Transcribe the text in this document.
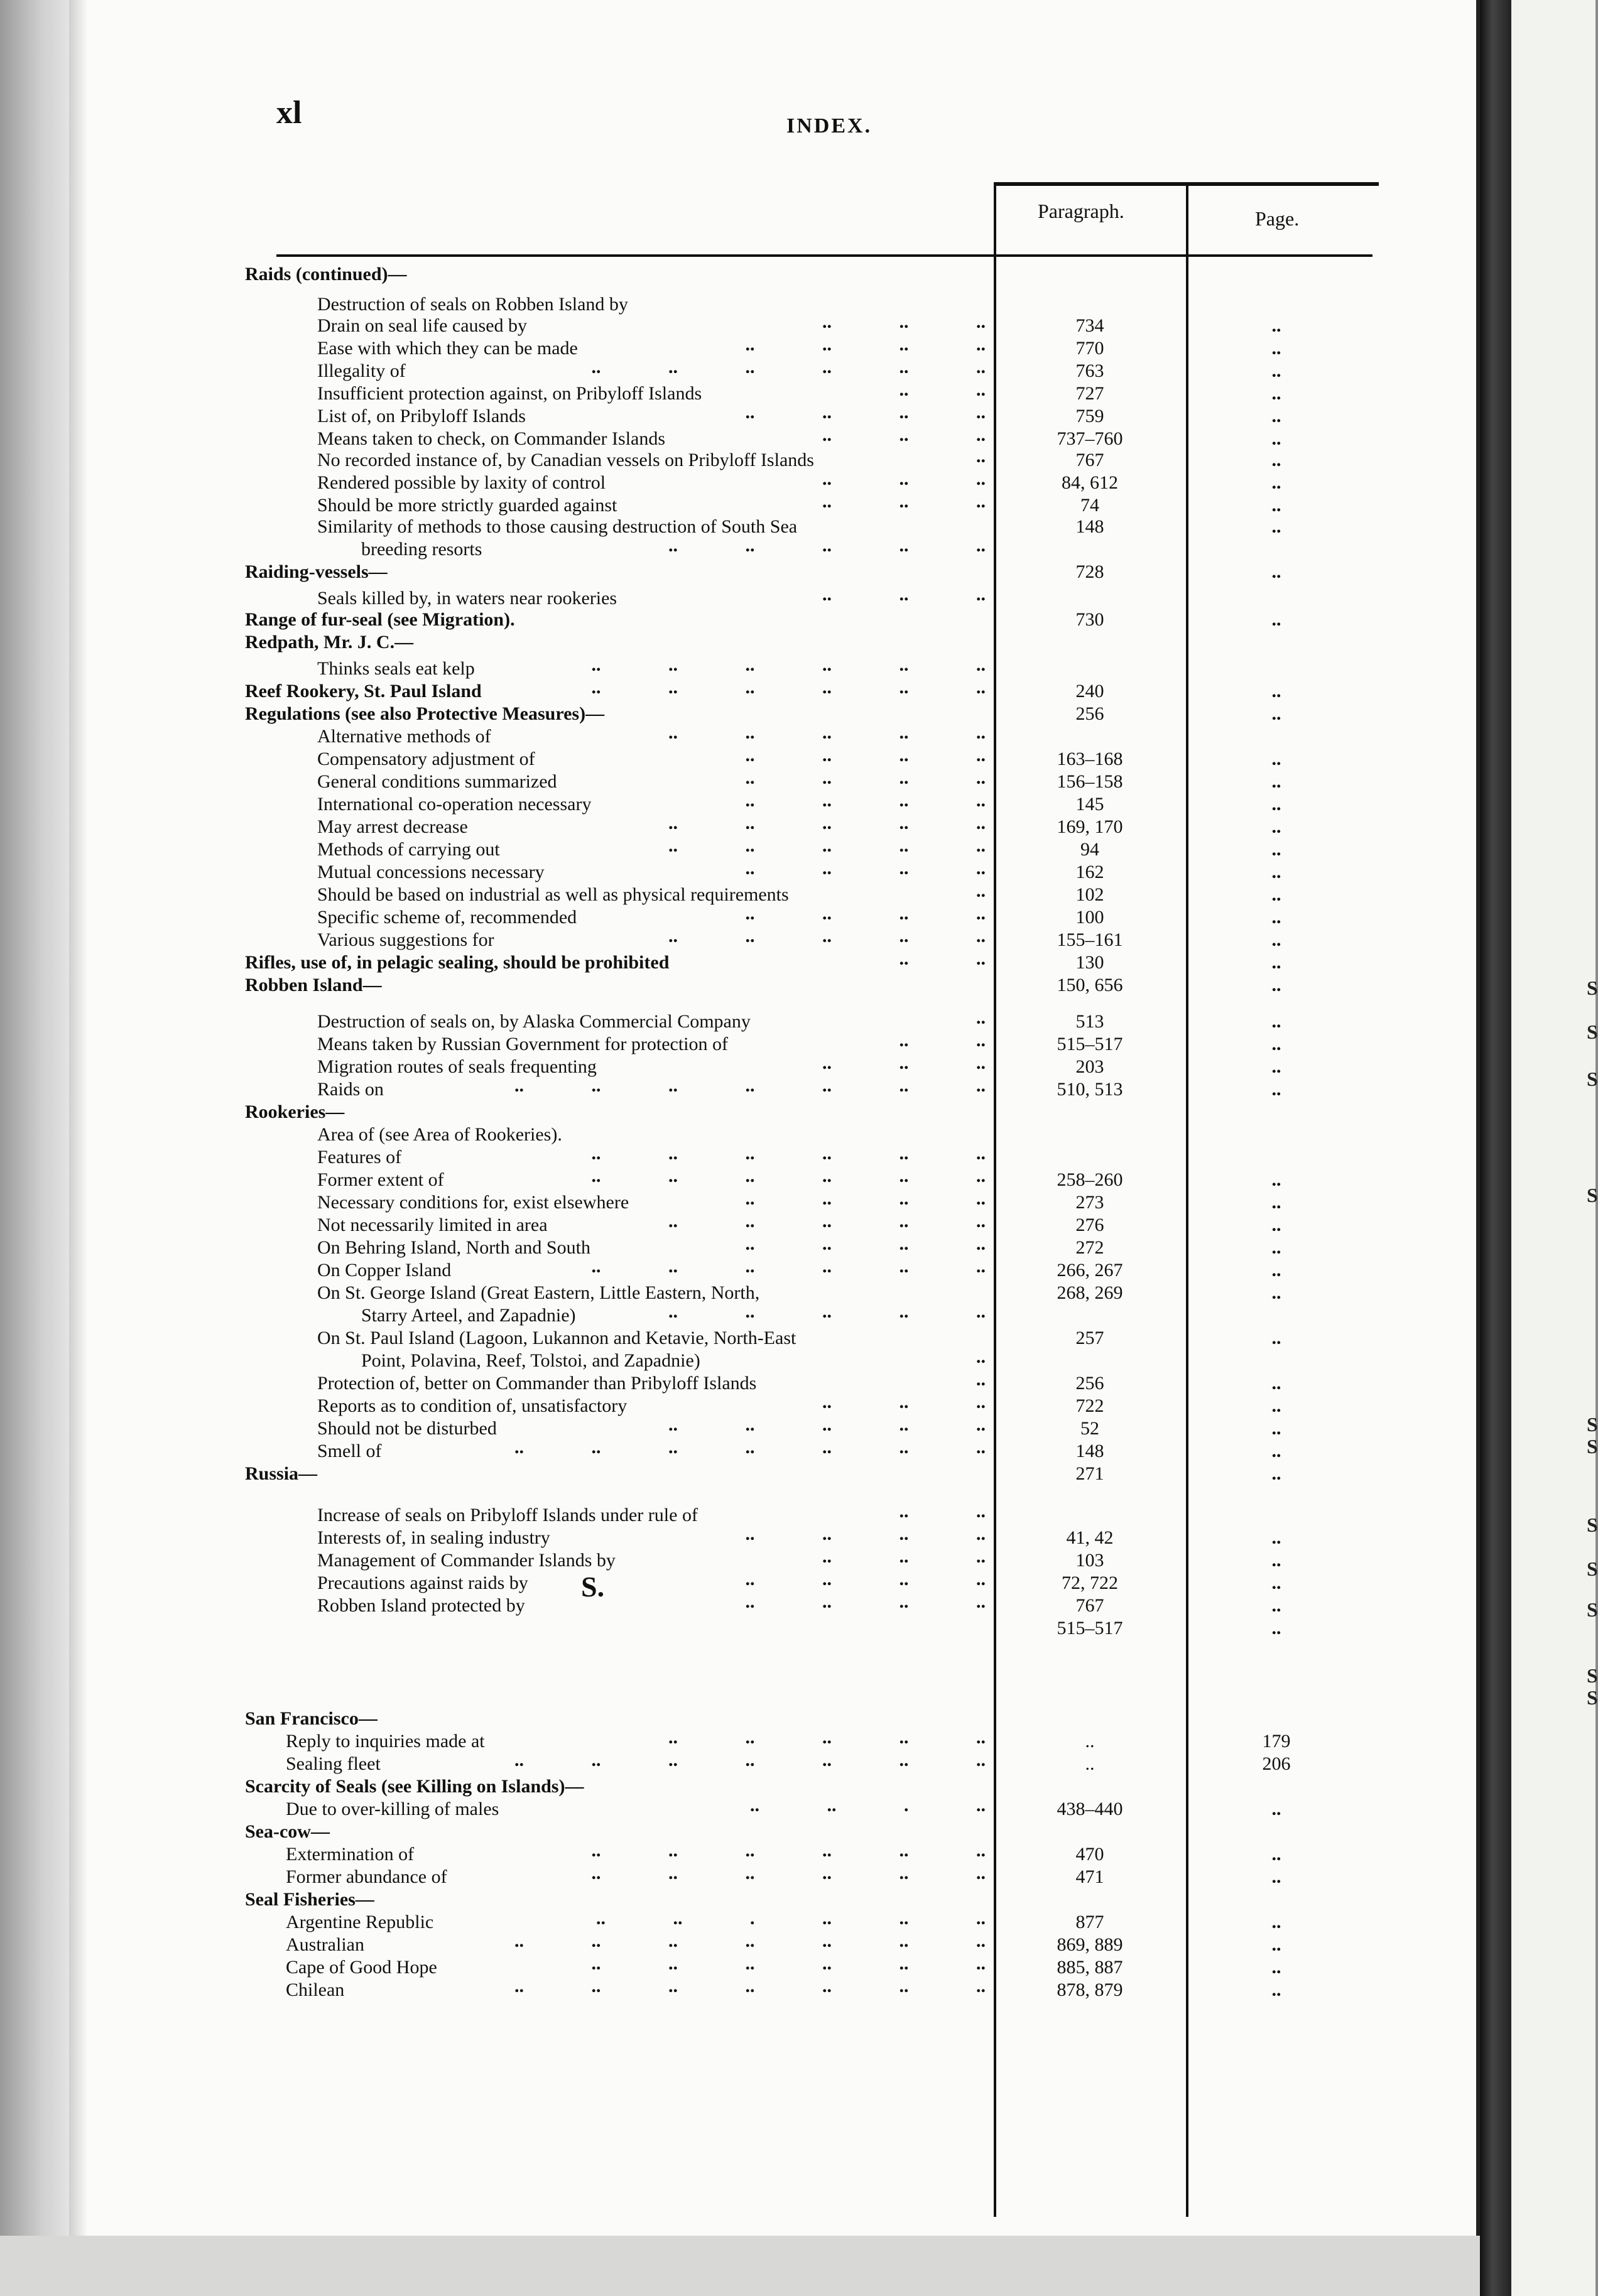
S
S
S
S
S
S
S
S
S
S
S
xl	INDEX.
Paragraph.	Page.
S.
Raids (continued)—
Destruction of seals on Robben Island by
Drain on seal life caused by	.. .. ..	734	..
Ease with which they can be made	.. .. .. ..	770	..
Illegality of	.. .. .. .. .. ..	763	..
Insufficient protection against, on Pribyloff Islands	.. ..	727	..
List of, on Pribyloff Islands	.. .. .. ..	759	..
Means taken to check, on Commander Islands	.. .. ..	737–760	..
No recorded instance of, by Canadian vessels on Pribyloff Islands	..	767	..
Rendered possible by laxity of control	.. .. ..	84, 612	..
Should be more strictly guarded against	.. .. ..	74	..
Similarity of methods to those causing destruction of South Sea	148	..
breeding resorts	.. .. .. .. ..
Raiding-vessels—	728	..
Seals killed by, in waters near rookeries	.. .. ..
Range of fur-seal (see Migration).	730	..
Redpath, Mr. J. C.—
Thinks seals eat kelp	.. .. .. .. .. ..
Reef Rookery, St. Paul Island	.. .. .. .. .. ..	240	..
Regulations (see also Protective Measures)—	256	..
Alternative methods of	.. .. .. .. ..
Compensatory adjustment of	.. .. .. ..	163–168	..
General conditions summarized	.. .. .. ..	156–158	..
International co-operation necessary	.. .. .. ..	145	..
May arrest decrease	.. .. .. .. ..	169, 170	..
Methods of carrying out	.. .. .. .. ..	94	..
Mutual concessions necessary	.. .. .. ..	162	..
Should be based on industrial as well as physical requirements	..	102	..
Specific scheme of, recommended	.. .. .. ..	100	..
Various suggestions for	.. .. .. .. ..	155–161	..
Rifles, use of, in pelagic sealing, should be prohibited	.. ..	130	..
Robben Island—	150, 656	..
Destruction of seals on, by Alaska Commercial Company	..	513	..
Means taken by Russian Government for protection of	.. ..	515–517	..
Migration routes of seals frequenting	.. .. ..	203	..
Raids on	.. .. .. .. .. .. ..	510, 513	..
Rookeries—
Area of (see Area of Rookeries).
Features of	.. .. .. .. .. ..
Former extent of	.. .. .. .. .. ..	258–260	..
Necessary conditions for, exist elsewhere	.. .. .. ..	273	..
Not necessarily limited in area	.. .. .. .. ..	276	..
On Behring Island, North and South	.. .. .. ..	272	..
On Copper Island	.. .. .. .. .. ..	266, 267	..
On St. George Island (Great Eastern, Little Eastern, North,	268, 269	..
Starry Arteel, and Zapadnie)	.. .. .. .. ..
On St. Paul Island (Lagoon, Lukannon and Ketavie, North-East	257	..
Point, Polavina, Reef, Tolstoi, and Zapadnie)	..
Protection of, better on Commander than Pribyloff Islands	..	256	..
Reports as to condition of, unsatisfactory	.. .. ..	722	..
Should not be disturbed	.. .. .. .. ..	52	..
Smell of	.. .. .. .. .. .. ..	148	..
Russia—	271	..
Increase of seals on Pribyloff Islands under rule of	.. ..
Interests of, in sealing industry	.. .. .. ..	41, 42	..
Management of Commander Islands by	.. .. ..	103	..
Precautions against raids by	.. .. .. ..	72, 722	..
Robben Island protected by	.. .. .. ..	767	..
515–517	..
San Francisco—
Reply to inquiries made at	.. .. .. .. ..	..	179
Sealing fleet	.. .. .. .. .. .. ..	..	206
Scarcity of Seals (see Killing on Islands)—
Due to over-killing of males	.. .. . ..	438–440	..
Sea-cow—
Extermination of	.. .. .. .. .. ..	470	..
Former abundance of	.. .. .. .. .. ..	471	..
Seal Fisheries—
Argentine Republic	.. .. . .. .. ..	877	..
Australian	.. .. .. .. .. .. ..	869, 889	..
Cape of Good Hope	.. .. .. .. .. ..	885, 887	..
Chilean	.. .. .. .. .. .. ..	878, 879	..
